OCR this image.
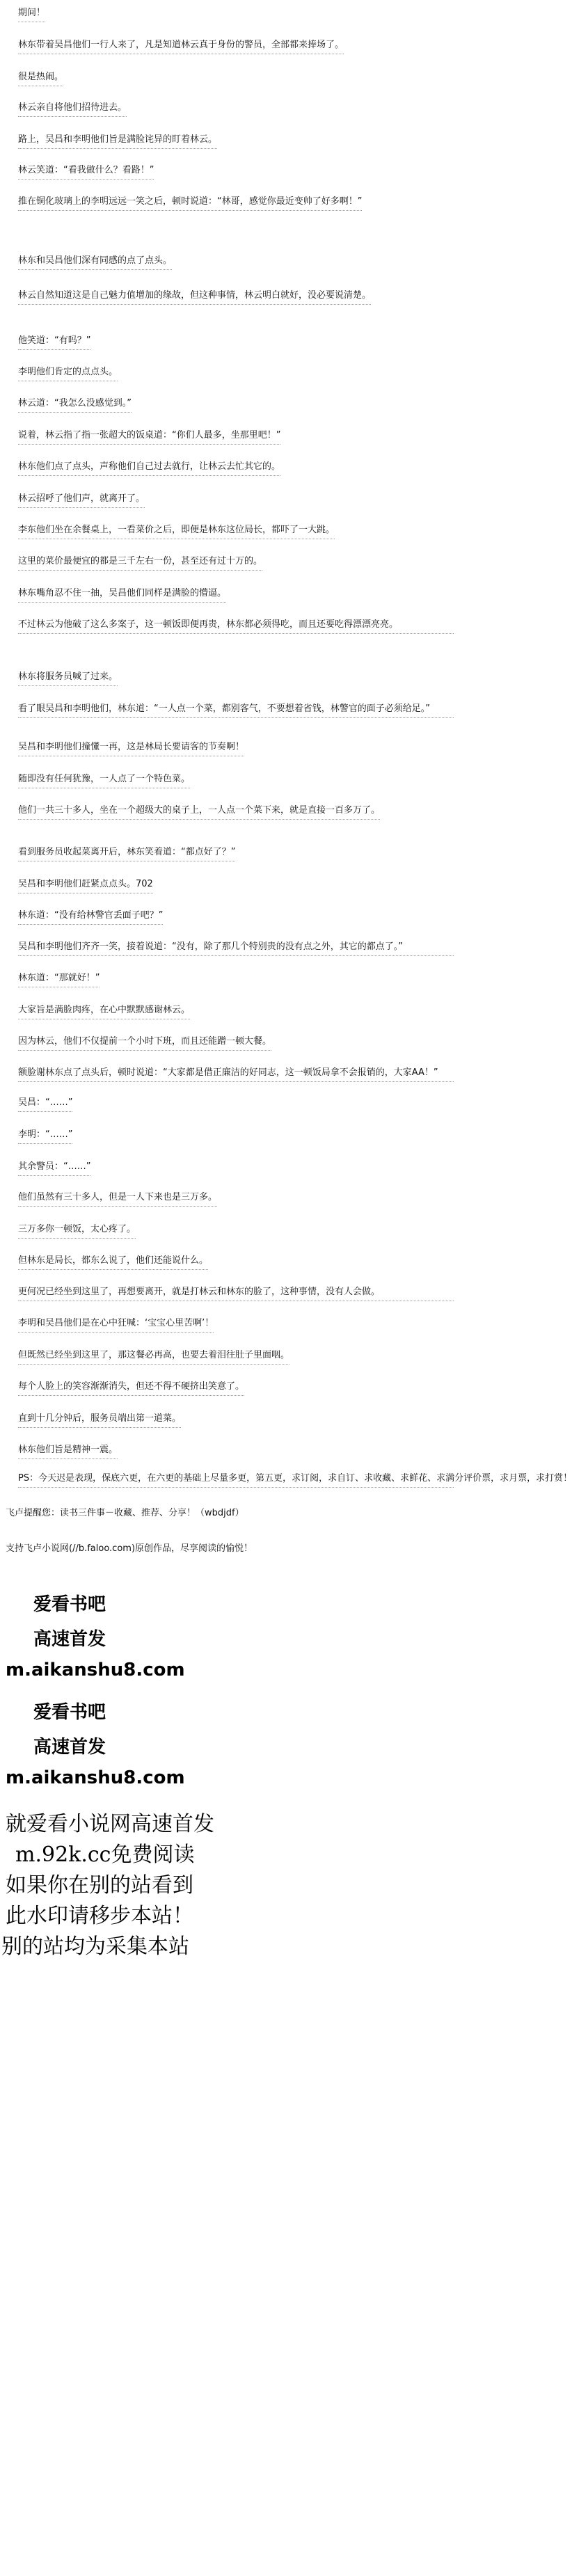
期间！
林东带着吴昌他们一行人来了，凡是知道林云真于身份的警员，全部都来捧场了。
很是热闹。
林云亲自将他们招待进去。
路上，吴昌和李明他们旨是满脸诧异的盯着林云。
林云笑道：“看我做什么？看路！”
推在铜化玻璃上的李明远远一笑之后，顿时说道：“林哥，感觉你最近变帅了好多啊！”
林东和吴昌他们深有同感的点了点头。
林云自然知道这是自己魅力值增加的缘故，但这种事情，林云明白就好，没必要说清楚。
他笑道：“有吗？”
李明他们肯定的点点头。
林云道：“我怎么没感觉到。”
说着，林云指了指一张超大的饭桌道：“你们人最多，坐那里吧！”
林东他们点了点头，声称他们自己过去就行，让林云去忙其它的。
林云招呼了他们声，就离开了。
李东他们坐在余餐桌上，一看菜价之后，即便是林东这位局长，都吓了一大跳。
这里的菜价最便宜的都是三千左右一份，甚至还有过十万的。
林东嘴角忍不住一抽，吴昌他们同样是满脸的懵逼。
不过林云为他破了这么多案子，这一顿饭即便再贵，林东都必须得吃，而且还要吃得漂漂亮亮。
林东将服务员喊了过来。
看了眼吴昌和李明他们，林东道：“一人点一个菜，都别客气，不要想着省钱，林警官的面子必须给足。”
吴昌和李明他们撞懂一再，这是林局长要请客的节奏啊！
随即没有任何犹豫，一人点了一个特色菜。
他们一共三十多人，坐在一个超级大的桌子上，一人点一个菜下来，就是直接一百多万了。
看到服务员收起菜离开后，林东笑着道：“都点好了？”
吴昌和李明他们赶紧点点头。702
林东道：“没有给林警官丢面子吧？”
吴昌和李明他们齐齐一笑，接着说道：“没有，除了那几个特别贵的没有点之外，其它的都点了。”
林东道：“那就好！”
大家旨是满脸肉疼，在心中默默感谢林云。
因为林云，他们不仅提前一个小时下班，而且还能蹭一顿大餐。
额脸谢林东点了点头后，顿时说道：“大家都是借正廉洁的好同志，这一顿饭局拿不会报销的，大家AA！”
吴昌：“……”
李明：“……”
其余警员：“……”
他们虽然有三十多人，但是一人下来也是三万多。
三万多你一顿饭，太心疼了。
但林东是局长，都东么说了，他们还能说什么。
更何况已经坐到这里了，再想要离开，就是打林云和林东的脸了，这种事情，没有人会做。
李明和吴昌他们是在心中狂喊：‘宝宝心里苦啊’！
但既然已经坐到这里了，那这餐必再高，也要去着泪往肚子里面咽。
每个人脸上的笑容渐渐消失，但还不得不硬挤出笑意了。
直到十几分钟后，服务员端出第一道菜。
林东他们旨是精神一震。
PS：今天迟是表现，保底六更，在六更的基础上尽量多更，第五更，求订阅，求自订、求收藏、求鲜花、求满分评价票，求月票，求打赏！
飞卢提醒您：读书三件事－收藏、推荐、分享！（wbdjdf）
支持飞卢小说网(//b.faloo.com)原创作品，尽享阅读的愉悦！
爱看书吧
高速首发
m.aikanshu8.com
爱看书吧
高速首发
m.aikanshu8.com
就爱看小说网高速首发
m.92k.cc免费阅读
如果你在别的站看到
此水印请移步本站！
别的站均为采集本站
